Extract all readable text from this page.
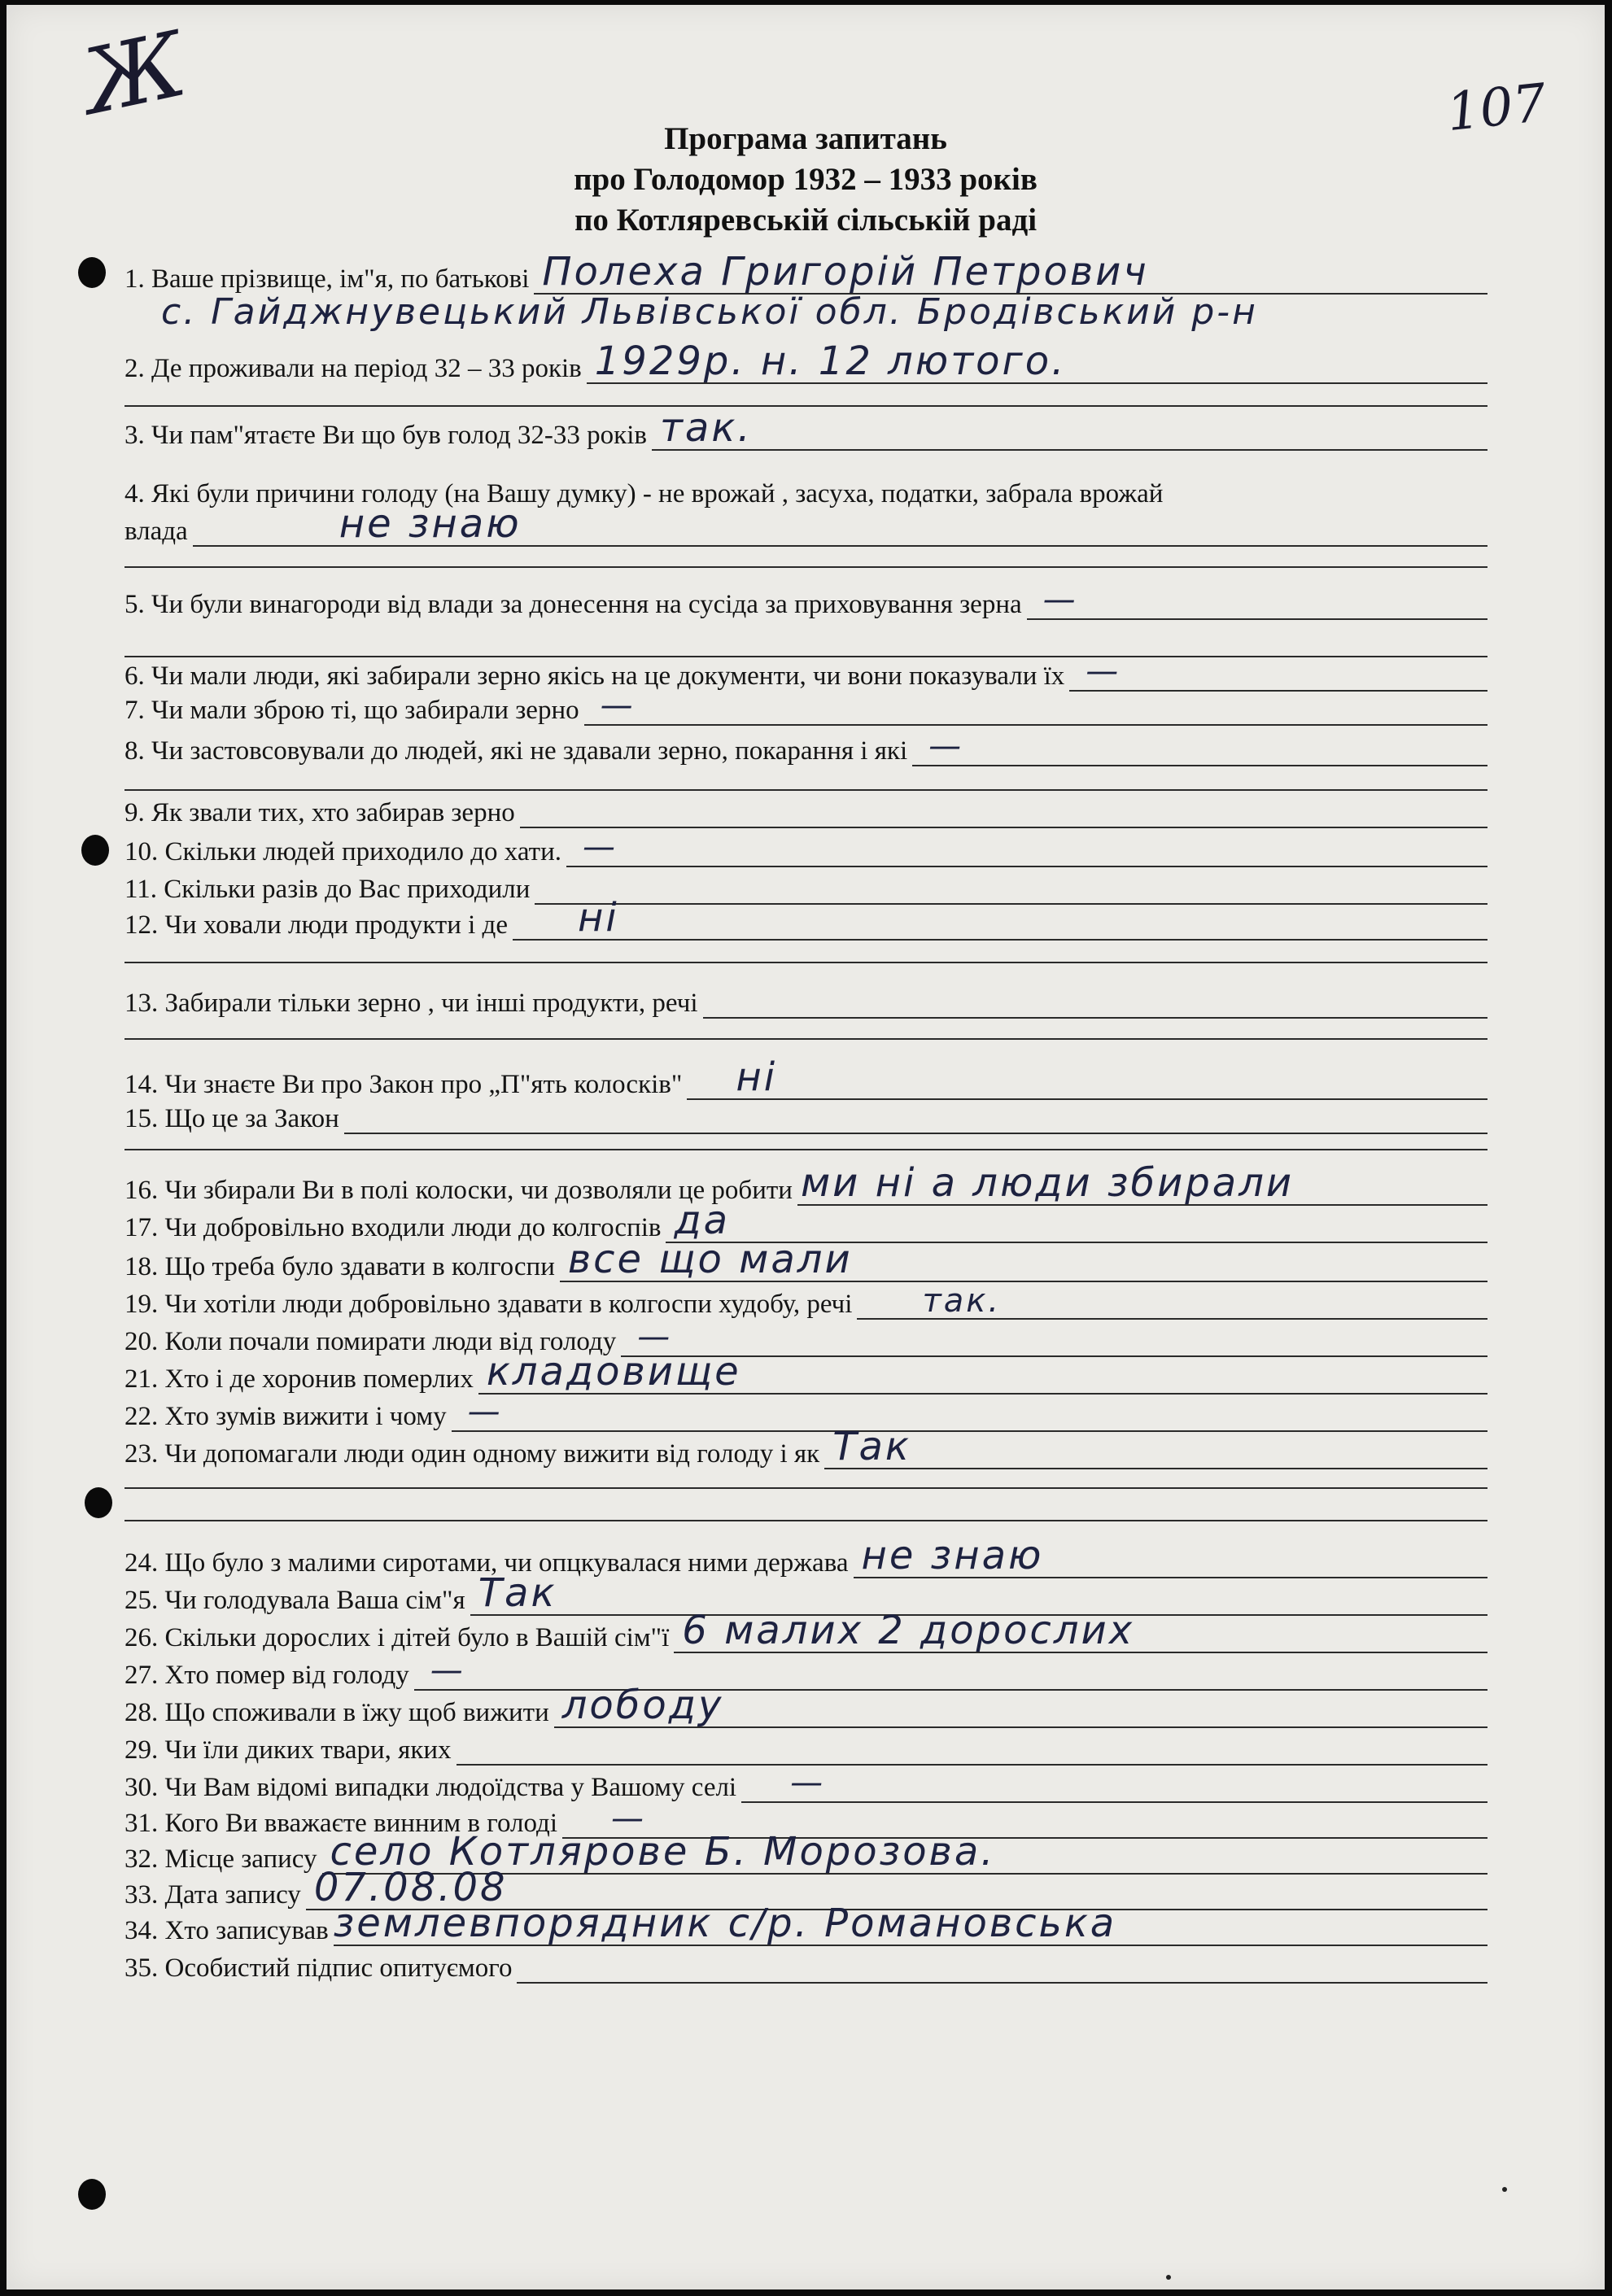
Ж	107
Програма запитань
про Голодомор 1932 – 1933 років
по Котляревській сільській раді
1. Ваше прізвище, ім"я, по батькові Полеха Григорій Петрович
с. Гайджнувецький Львівської обл. Бродівський р-н
2. Де проживали на період 32 – 33 років 1929р. н. 12 лютого.
3. Чи пам"ятаєте Ви що був голод 32-33 років так.
4. Які були причини голоду (на Вашу думку) - не врожай , засуха, податки, забрала врожай
влада	не знаю
5. Чи були винагороди від влади за донесення на сусіда за приховування зерна —
6. Чи мали люди, які забирали зерно якісь на це документи, чи вони показували їх —
7. Чи мали зброю ті, що забирали зерно —
8. Чи застовсовували до людей, які не здавали зерно, покарання і які —
9. Як звали тих, хто забирав зерно
10. Скільки людей приходило до хати. —
11. Скільки разів до Вас приходили
12. Чи ховали люди продукти і де ні
13. Забирали тільки зерно , чи інші продукти, речі
14. Чи знаєте Ви про Закон про „П"ять колосків" ні
15. Що це за Закон
16. Чи збирали Ви в полі колоски, чи дозволяли це робити ми ні а люди збирали
17. Чи добровільно входили люди до колгоспів да
18. Що треба було здавати в колгоспи все що мали
19. Чи хотіли люди добровільно здавати в колгоспи худобу, речі так.
20. Коли почали помирати люди від голоду —
21. Хто і де хоронив померлих кладовище
22. Хто зумів вижити і чому —
23. Чи допомагали люди один одному вижити від голоду і як Так
24. Що було з малими сиротами, чи опцкувалася ними держава не знаю
25. Чи голодувала Ваша сім"я Так
26. Скільки дорослих і дітей було в Вашій сім"ї 6 малих 2 дорослих
27. Хто помер від голоду —
28. Що споживали в їжу щоб вижити лободу
29. Чи їли диких твари, яких
30. Чи Вам відомі випадки людоїдства у Вашому селі —
31. Кого Ви вважаєте винним в голоді —
32. Місце запису село Котлярове Б. Морозова.
33. Дата запису 07.08.08
34. Хто записував землевпорядник с/р. Романовська
35. Особистий підпис опитуємого
